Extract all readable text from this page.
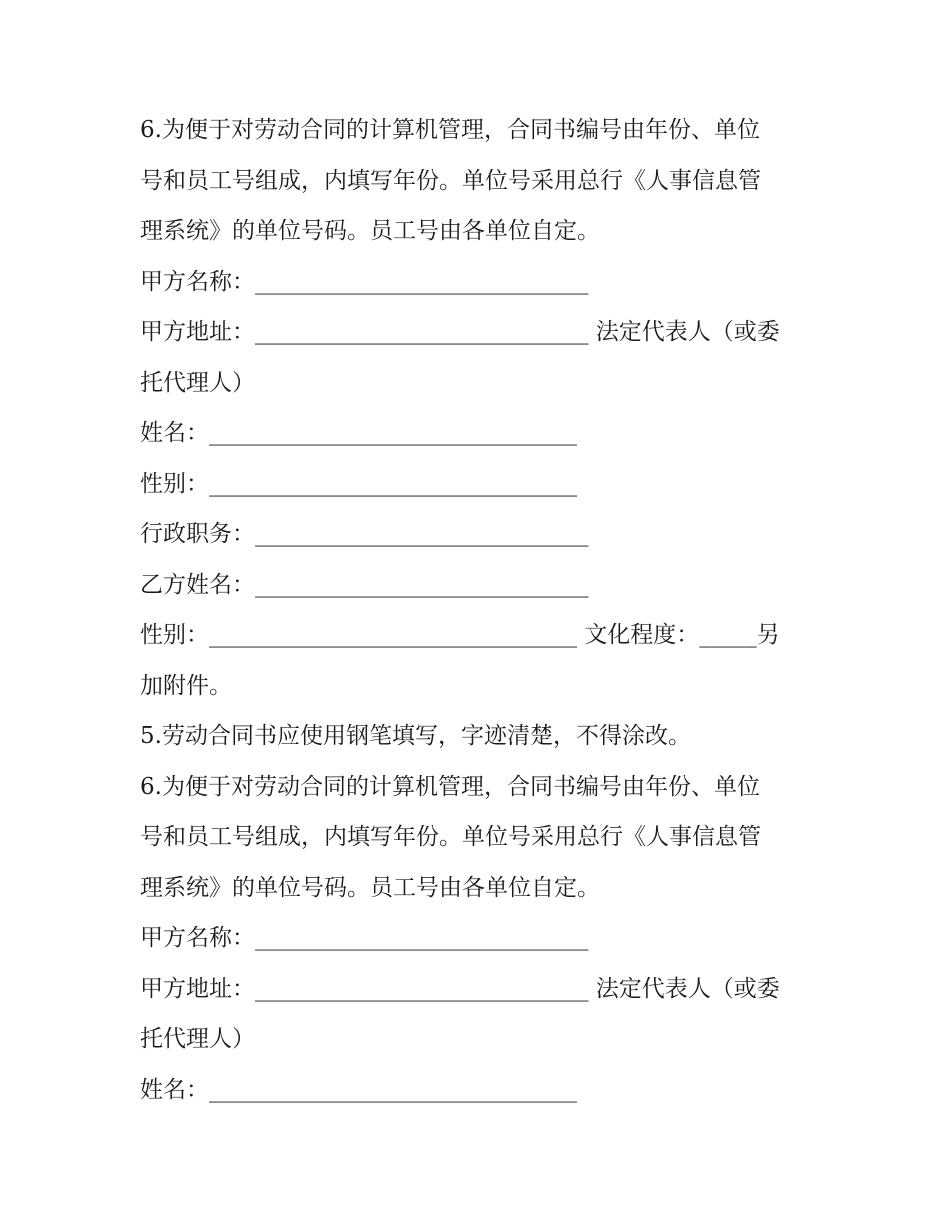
6.为便于对劳动合同的计算机管理，合同书编号由年份、单位
号和员工号组成，内填写年份。单位号采用总行《人事信息管
理系统》的单位号码。员工号由各单位自定。
甲方名称：_____________________________
甲方地址：_____________________________ 法定代表人（或委
托代理人）
姓名：________________________________
性别：________________________________
行政职务：_____________________________
乙方姓名：_____________________________
性别：________________________________ 文化程度：_____另
加附件。
5.劳动合同书应使用钢笔填写，字迹清楚，不得涂改。
6.为便于对劳动合同的计算机管理，合同书编号由年份、单位
号和员工号组成，内填写年份。单位号采用总行《人事信息管
理系统》的单位号码。员工号由各单位自定。
甲方名称：_____________________________
甲方地址：_____________________________ 法定代表人（或委
托代理人）
姓名：________________________________
